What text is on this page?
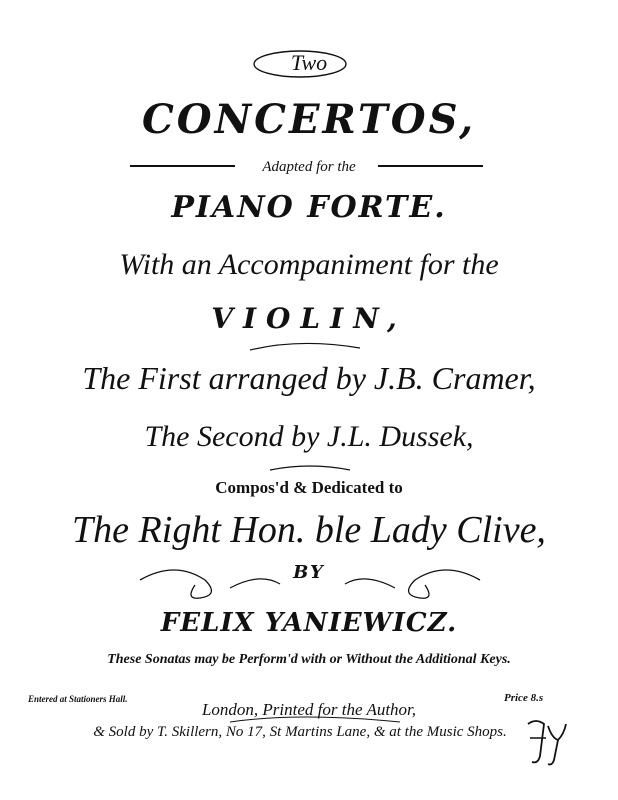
Two
CONCERTOS,
Adapted for the
PIANO FORTE.
With an Accompaniment for the
VIOLIN,
The First arranged by J.B. Cramer,
The Second by J.L. Dussek,
Compos'd & Dedicated to
The Right Hon. ble Lady Clive,
BY
FELIX YANIEWICZ.
These Sonatas may be Perform'd with or Without the Additional Keys.
Entered at Stationers Hall.	Price 8.s
London, Printed for the Author,
& Sold by T. Skillern, No 17, St Martins Lane, & at the Music Shops.
